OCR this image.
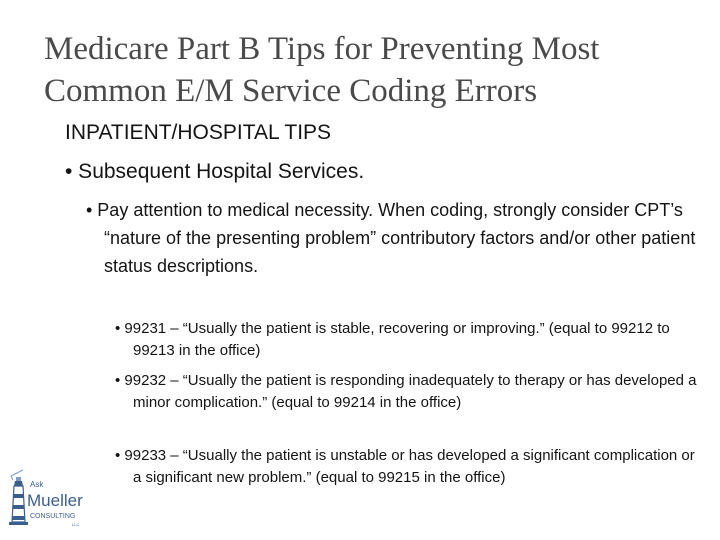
Medicare Part B Tips for Preventing Most Common E/M Service Coding Errors
INPATIENT/HOSPITAL TIPS
• Subsequent Hospital Services.
• Pay attention to medical necessity. When coding, strongly consider CPT’s “nature of the presenting problem” contributory factors and/or other patient status descriptions.
• 99231 – “Usually the patient is stable, recovering or improving.” (equal to 99212 to 99213 in the office)
• 99232 – “Usually the patient is responding inadequately to therapy or has developed a minor complication.” (equal to 99214 in the office)
• 99233 – “Usually the patient is unstable or has developed a significant complication or a significant new problem.” (equal to 99215 in the office)
Ask
Mueller
CONSULTING
LLC
